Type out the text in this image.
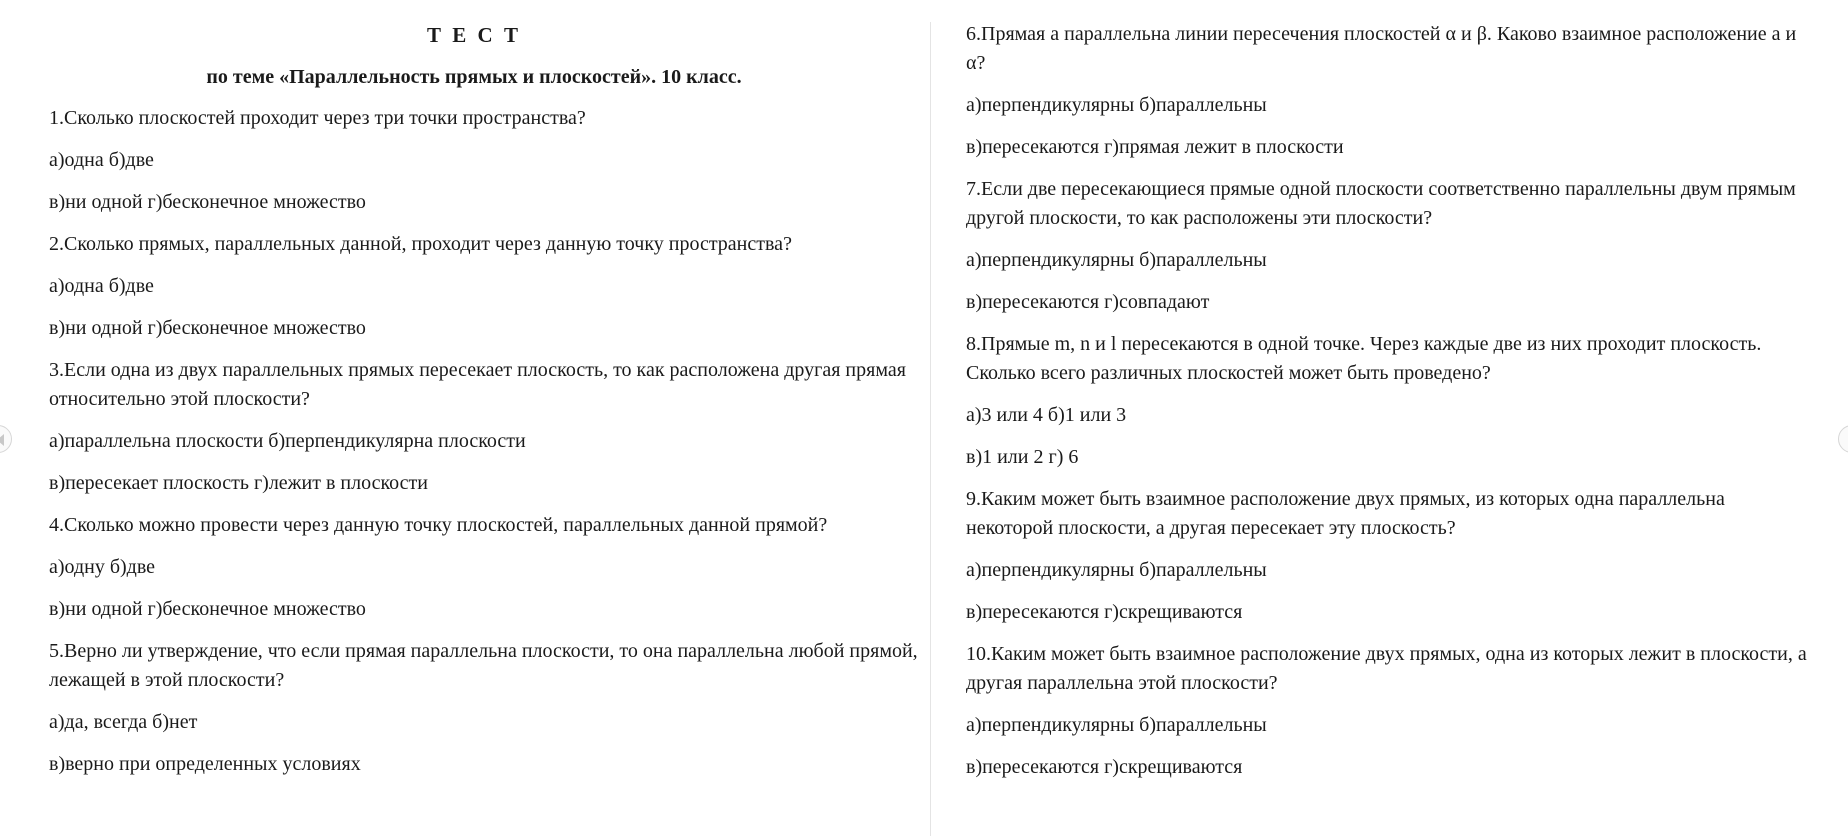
Т Е С Т
по теме «Параллельность прямых и плоскостей». 10 класс.
1.Сколько плоскостей проходит через три точки пространства?
а)одна б)две
в)ни одной г)бесконечное множество
2.Сколько прямых, параллельных данной, проходит через данную точку пространства?
а)одна б)две
в)ни одной г)бесконечное множество
3.Если одна из двух параллельных прямых пересекает плоскость, то как расположена другая прямая относительно этой плоскости?
а)параллельна плоскости б)перпендикулярна плоскости
в)пересекает плоскость г)лежит в плоскости
4.Сколько можно провести через данную точку плоскостей, параллельных данной прямой?
а)одну б)две
в)ни одной г)бесконечное множество
5.Верно ли утверждение, что если прямая параллельна плоскости, то она параллельна любой прямой, лежащей в этой плоскости?
а)да, всегда б)нет
в)верно при определенных условиях
6.Прямая а параллельна линии пересечения плоскостей α и β. Каково взаимное расположение а и α?
а)перпендикулярны б)параллельны
в)пересекаются г)прямая лежит в плоскости
7.Если две пересекающиеся прямые одной плоскости соответственно параллельны двум прямым другой плоскости, то как расположены эти плоскости?
а)перпендикулярны б)параллельны
в)пересекаются г)совпадают
8.Прямые m, n и l пересекаются в одной точке. Через каждые две из них проходит плоскость. Сколько всего различных плоскостей может быть проведено?
а)3 или 4 б)1 или 3
в)1 или 2 г) 6
9.Каким может быть взаимное расположение двух прямых, из которых одна параллельна некоторой плоскости, а другая пересекает эту плоскость?
а)перпендикулярны б)параллельны
в)пересекаются г)скрещиваются
10.Каким может быть взаимное расположение двух прямых, одна из которых лежит в плоскости, а другая параллельна этой плоскости?
а)перпендикулярны б)параллельны
в)пересекаются г)скрещиваются
